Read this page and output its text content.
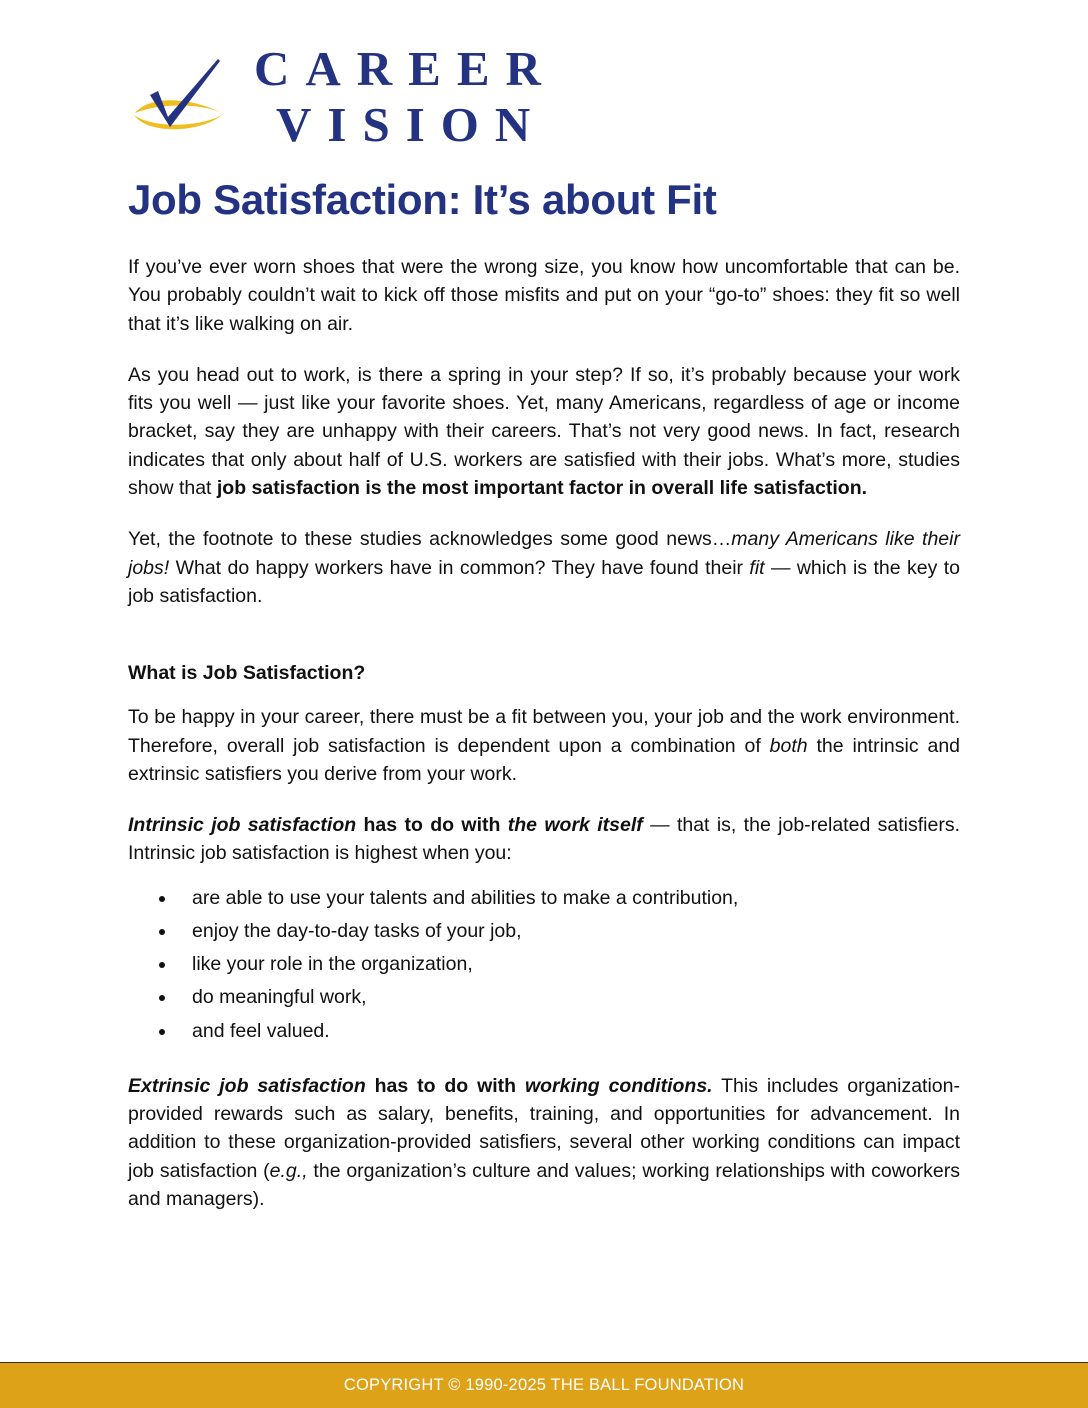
CAREER
VISION
Job Satisfaction: It’s about Fit

If you’ve ever worn shoes that were the wrong size, you know how uncomfortable that can be. You probably couldn’t wait to kick off those misfits and put on your “go-to” shoes: they fit so well that it’s like walking on air.

As you head out to work, is there a spring in your step? If so, it’s probably because your work fits you well — just like your favorite shoes. Yet, many Americans, regardless of age or income bracket, say they are unhappy with their careers. That’s not very good news. In fact, research indicates that only about half of U.S. workers are satisfied with their jobs. What’s more, studies show that job satisfaction is the most important factor in overall life satisfaction.

Yet, the footnote to these studies acknowledges some good news…many Americans like their jobs! What do happy workers have in common? They have found their fit — which is the key to job satisfaction.

What is Job Satisfaction?

To be happy in your career, there must be a fit between you, your job and the work environment. Therefore, overall job satisfaction is dependent upon a combination of both the intrinsic and extrinsic satisfiers you derive from your work.

Intrinsic job satisfaction has to do with the work itself — that is, the job-related satisfiers. Intrinsic job satisfaction is highest when you:

are able to use your talents and abilities to make a contribution,
enjoy the day-to-day tasks of your job,
like your role in the organization,
do meaningful work,
and feel valued.

Extrinsic job satisfaction has to do with working conditions. This includes organization-provided rewards such as salary, benefits, training, and opportunities for advancement. In addition to these organization-provided satisfiers, several other working conditions can impact job satisfaction (e.g., the organization’s culture and values; working relationships with coworkers and managers).

COPYRIGHT © 1990-2025 THE BALL FOUNDATION
